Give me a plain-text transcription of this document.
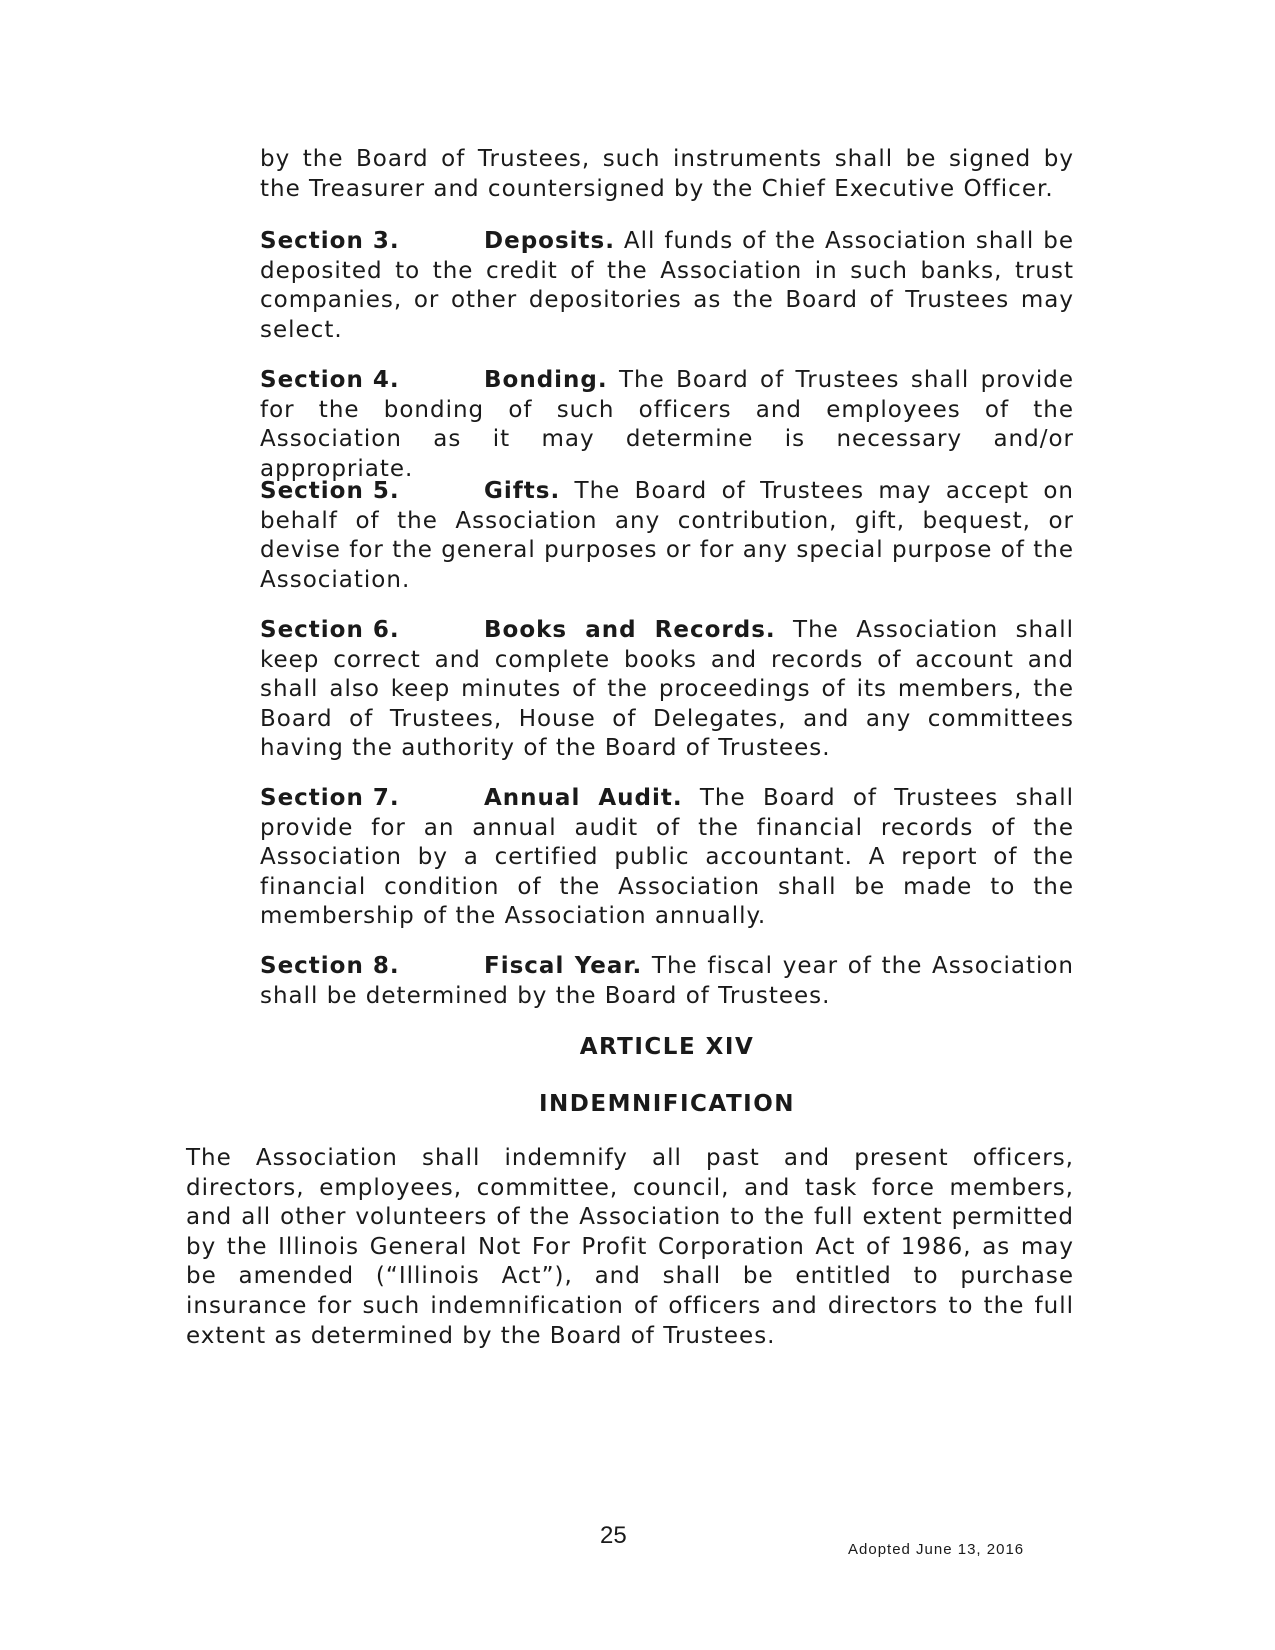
by the Board of Trustees, such instruments shall be signed by the Treasurer and countersigned by the Chief Executive Officer.

Section 3.	Deposits. All funds of the Association shall be deposited to the credit of the Association in such banks, trust companies, or other depositories as the Board of Trustees may select.

Section 4.	Bonding. The Board of Trustees shall provide for the bonding of such officers and employees of the Association as it may determine is necessary and/or appropriate.

Section 5.	Gifts. The Board of Trustees may accept on behalf of the Association any contribution, gift, bequest, or devise for the general purposes or for any special purpose of the Association.

Section 6.	Books and Records. The Association shall keep correct and complete books and records of account and shall also keep minutes of the proceedings of its members, the Board of Trustees, House of Delegates, and any committees having the authority of the Board of Trustees.

Section 7.	Annual Audit. The Board of Trustees shall provide for an annual audit of the financial records of the Association by a certified public accountant. A report of the financial condition of the Association shall be made to the membership of the Association annually.

Section 8.	Fiscal Year. The fiscal year of the Association shall be determined by the Board of Trustees.

ARTICLE XIV

INDEMNIFICATION

The Association shall indemnify all past and present officers, directors, employees, committee, council, and task force members, and all other volunteers of the Association to the full extent permitted by the Illinois General Not For Profit Corporation Act of 1986, as may be amended (“Illinois Act”), and shall be entitled to purchase insurance for such indemnification of officers and directors to the full extent as determined by the Board of Trustees.

25
Adopted June 13, 2016
